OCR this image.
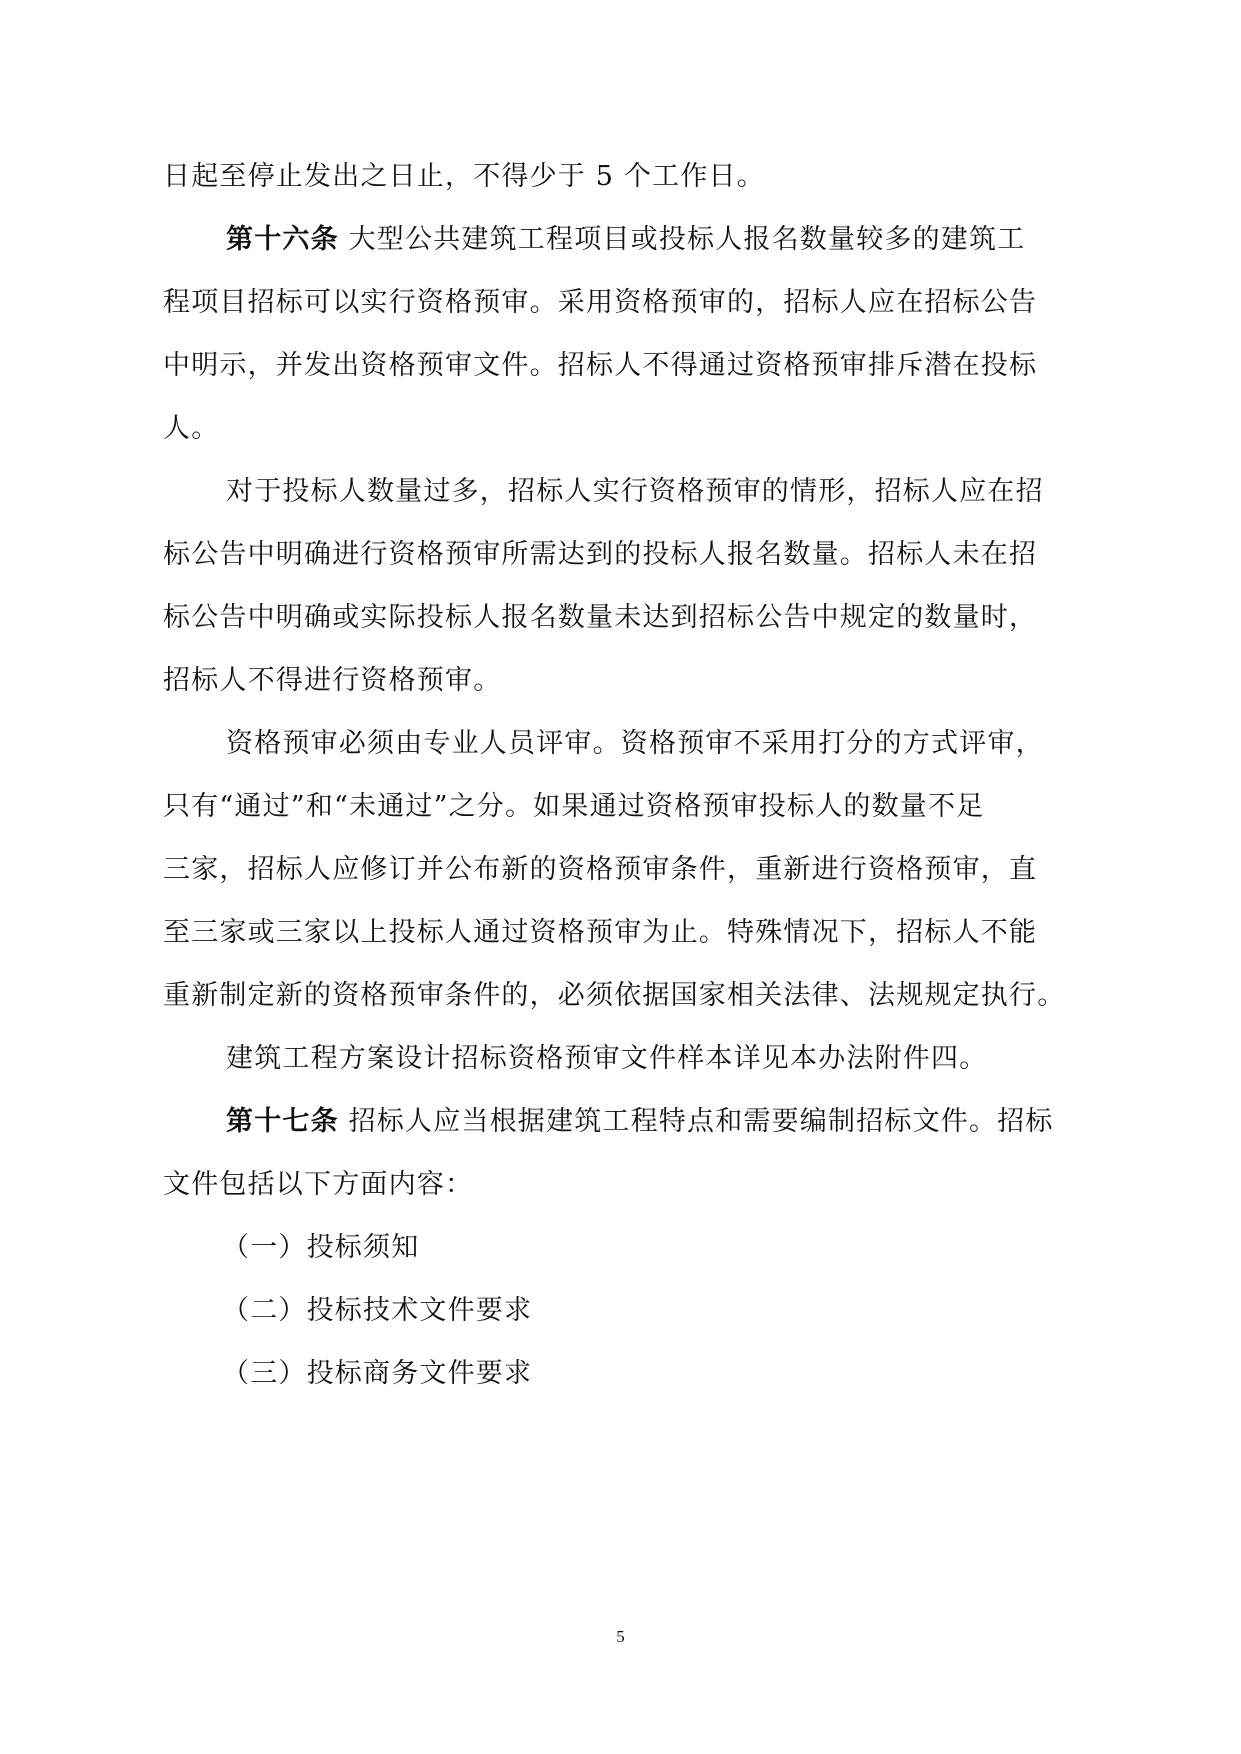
日起至停止发出之日止，不得少于 5 个工作日。
第十六条 大型公共建筑工程项目或投标人报名数量较多的建筑工
程项目招标可以实行资格预审。采用资格预审的，招标人应在招标公告
中明示，并发出资格预审文件。招标人不得通过资格预审排斥潜在投标
人。
对于投标人数量过多，招标人实行资格预审的情形，招标人应在招
标公告中明确进行资格预审所需达到的投标人报名数量。招标人未在招
标公告中明确或实际投标人报名数量未达到招标公告中规定的数量时，
招标人不得进行资格预审。
资格预审必须由专业人员评审。资格预审不采用打分的方式评审，
只有“通过”和“未通过”之分。如果通过资格预审投标人的数量不足
三家，招标人应修订并公布新的资格预审条件，重新进行资格预审，直
至三家或三家以上投标人通过资格预审为止。特殊情况下，招标人不能
重新制定新的资格预审条件的，必须依据国家相关法律、法规规定执行。
建筑工程方案设计招标资格预审文件样本详见本办法附件四。
第十七条 招标人应当根据建筑工程特点和需要编制招标文件。招标
文件包括以下方面内容：
（一）投标须知
（二）投标技术文件要求
（三）投标商务文件要求
5
